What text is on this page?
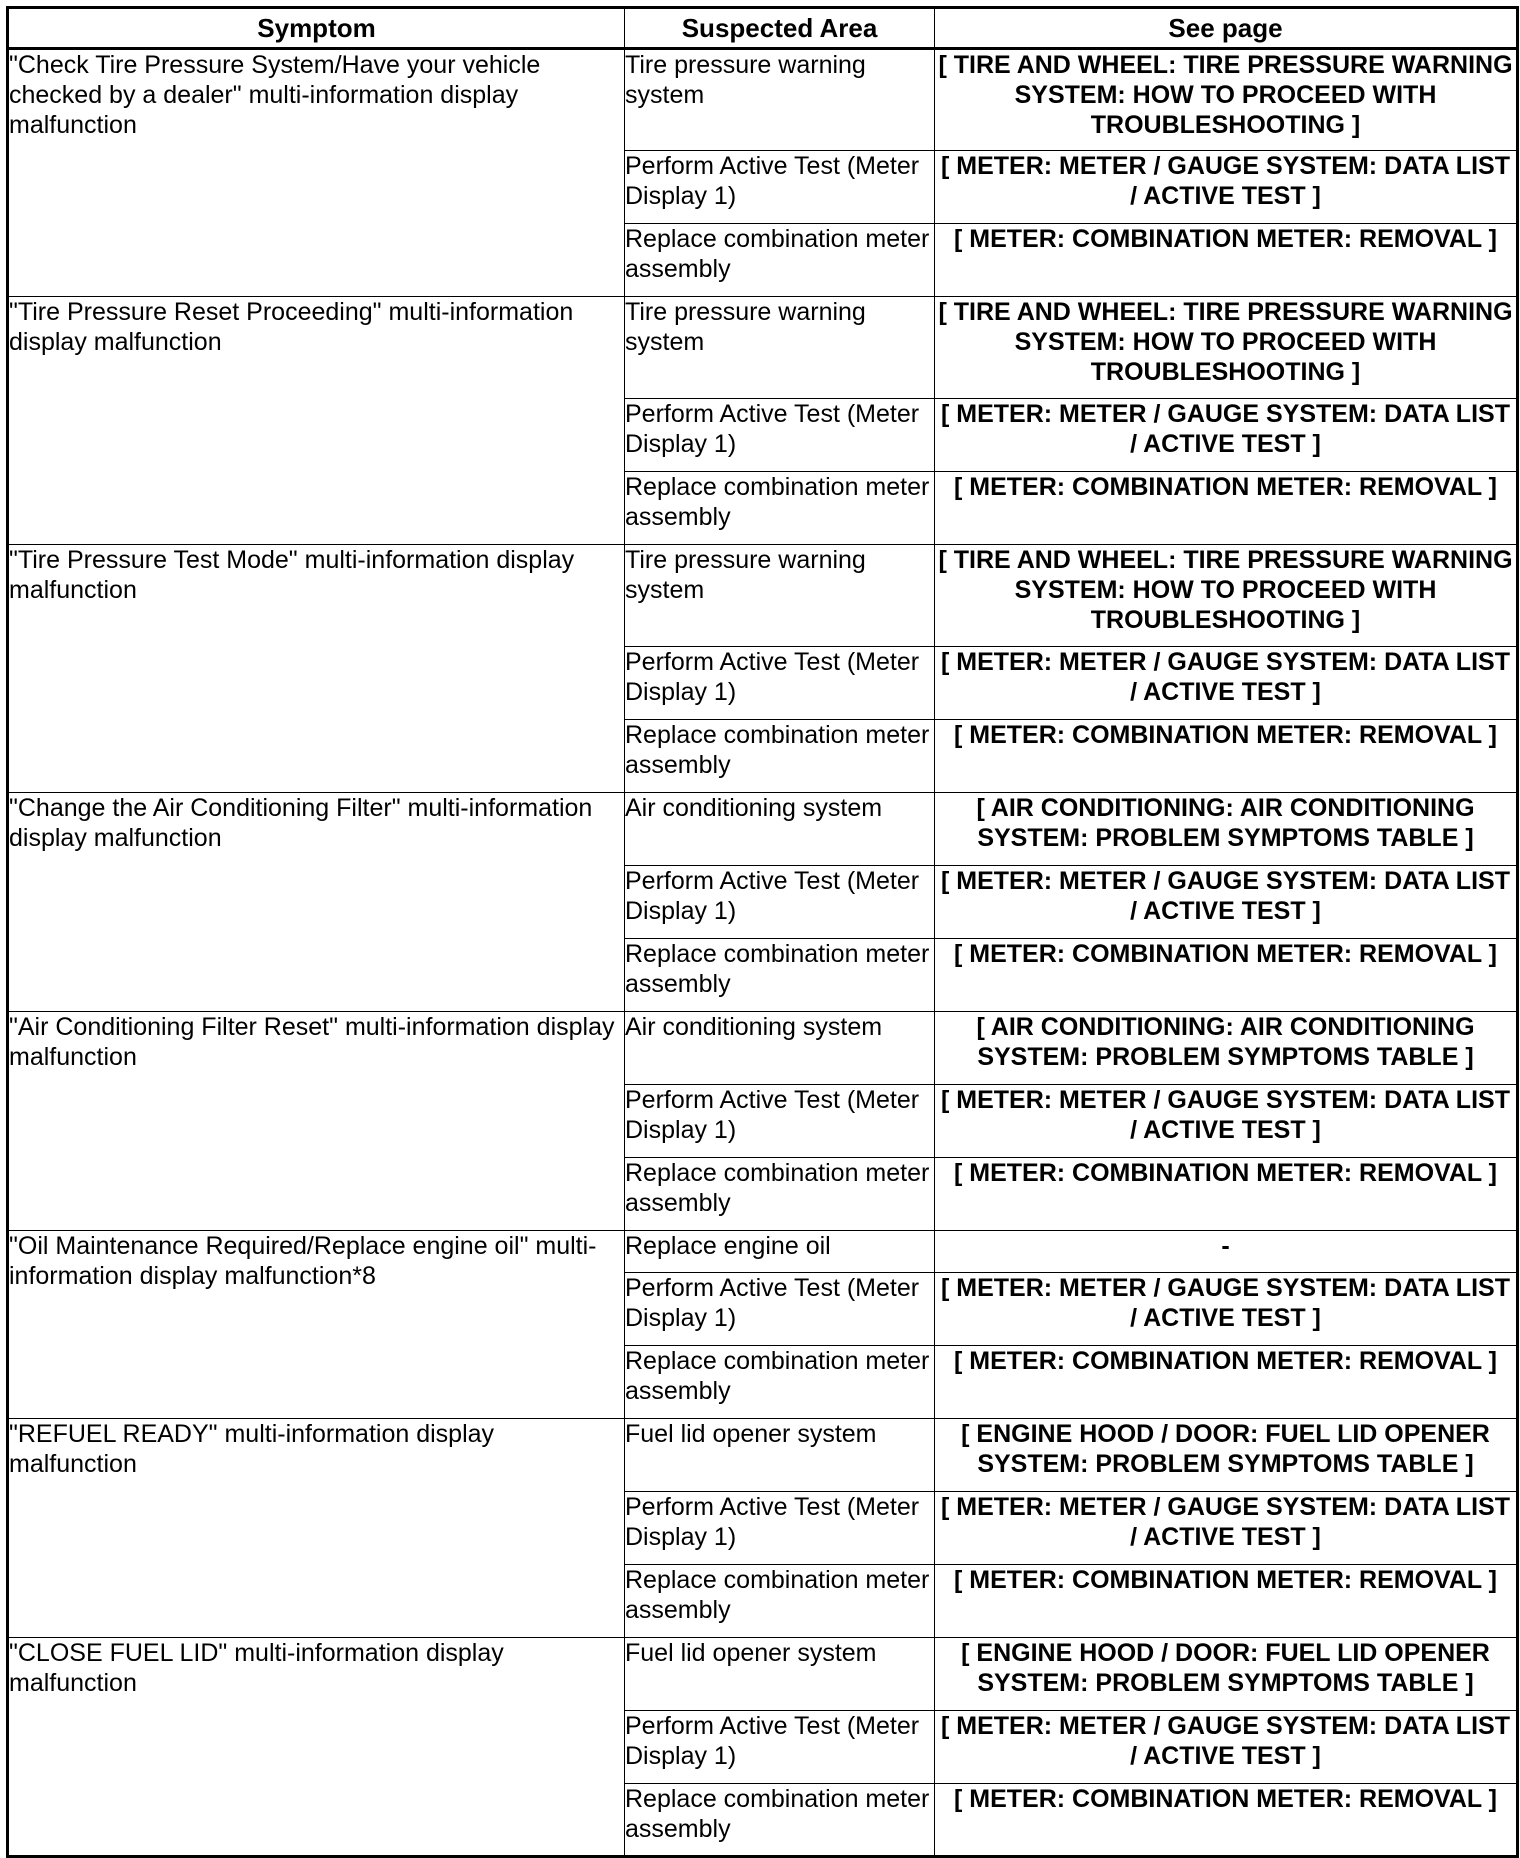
Symptom	Suspected Area	See page
"Check Tire Pressure System/Have your vehicle checked by a dealer" multi-information display malfunction	Tire pressure warning system	[ TIRE AND WHEEL: TIRE PRESSURE WARNING SYSTEM: HOW TO PROCEED WITH TROUBLESHOOTING ]
	Perform Active Test (Meter Display 1)	[ METER: METER / GAUGE SYSTEM: DATA LIST / ACTIVE TEST ]
	Replace combination meter assembly	[ METER: COMBINATION METER: REMOVAL ]
"Tire Pressure Reset Proceeding" multi-information display malfunction	Tire pressure warning system	[ TIRE AND WHEEL: TIRE PRESSURE WARNING SYSTEM: HOW TO PROCEED WITH TROUBLESHOOTING ]
	Perform Active Test (Meter Display 1)	[ METER: METER / GAUGE SYSTEM: DATA LIST / ACTIVE TEST ]
	Replace combination meter assembly	[ METER: COMBINATION METER: REMOVAL ]
"Tire Pressure Test Mode" multi-information display malfunction	Tire pressure warning system	[ TIRE AND WHEEL: TIRE PRESSURE WARNING SYSTEM: HOW TO PROCEED WITH TROUBLESHOOTING ]
	Perform Active Test (Meter Display 1)	[ METER: METER / GAUGE SYSTEM: DATA LIST / ACTIVE TEST ]
	Replace combination meter assembly	[ METER: COMBINATION METER: REMOVAL ]
"Change the Air Conditioning Filter" multi-information display malfunction	Air conditioning system	[ AIR CONDITIONING: AIR CONDITIONING SYSTEM: PROBLEM SYMPTOMS TABLE ]
	Perform Active Test (Meter Display 1)	[ METER: METER / GAUGE SYSTEM: DATA LIST / ACTIVE TEST ]
	Replace combination meter assembly	[ METER: COMBINATION METER: REMOVAL ]
"Air Conditioning Filter Reset" multi-information display malfunction	Air conditioning system	[ AIR CONDITIONING: AIR CONDITIONING SYSTEM: PROBLEM SYMPTOMS TABLE ]
	Perform Active Test (Meter Display 1)	[ METER: METER / GAUGE SYSTEM: DATA LIST / ACTIVE TEST ]
	Replace combination meter assembly	[ METER: COMBINATION METER: REMOVAL ]
"Oil Maintenance Required/Replace engine oil" multi-information display malfunction*8	Replace engine oil	-
	Perform Active Test (Meter Display 1)	[ METER: METER / GAUGE SYSTEM: DATA LIST / ACTIVE TEST ]
	Replace combination meter assembly	[ METER: COMBINATION METER: REMOVAL ]
"REFUEL READY" multi-information display malfunction	Fuel lid opener system	[ ENGINE HOOD / DOOR: FUEL LID OPENER SYSTEM: PROBLEM SYMPTOMS TABLE ]
	Perform Active Test (Meter Display 1)	[ METER: METER / GAUGE SYSTEM: DATA LIST / ACTIVE TEST ]
	Replace combination meter assembly	[ METER: COMBINATION METER: REMOVAL ]
"CLOSE FUEL LID" multi-information display malfunction	Fuel lid opener system	[ ENGINE HOOD / DOOR: FUEL LID OPENER SYSTEM: PROBLEM SYMPTOMS TABLE ]
	Perform Active Test (Meter Display 1)	[ METER: METER / GAUGE SYSTEM: DATA LIST / ACTIVE TEST ]
	Replace combination meter assembly	[ METER: COMBINATION METER: REMOVAL ]
